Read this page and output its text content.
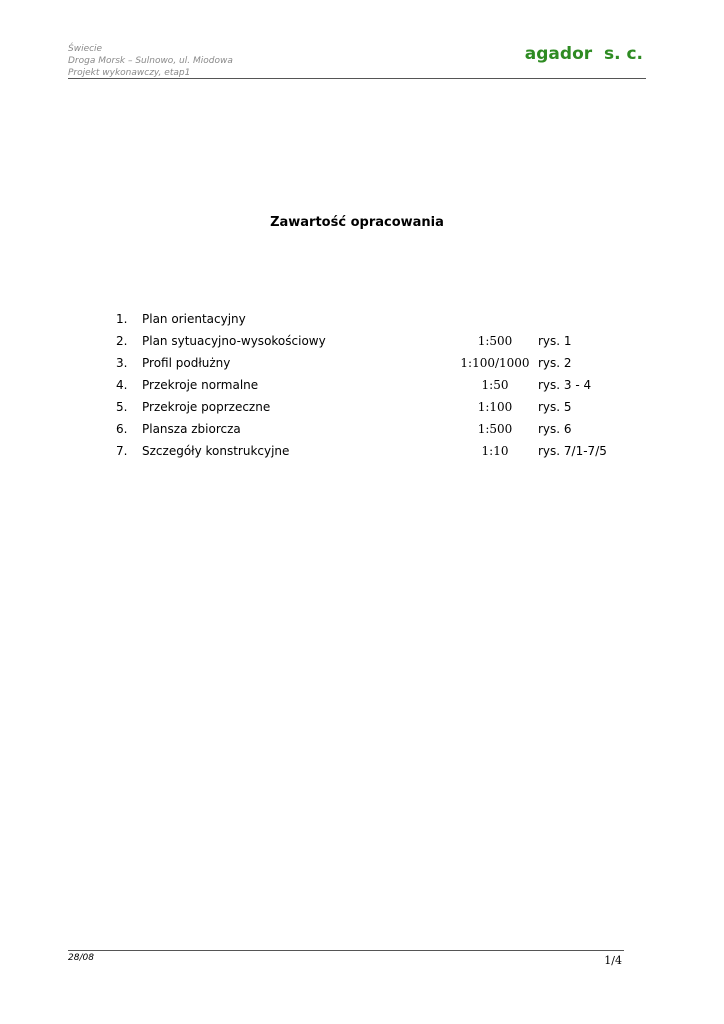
Świecie
Droga Morsk – Sulnowo, ul. Miodowa
Projekt wykonawczy, etap1
agador  s. c.
Zawartość opracowania
1. Plan orientacyjny
2. Plan sytuacyjno-wysokościowy	1:500	rys. 1
3. Profil podłużny	1:100/1000 rys. 2
4. Przekroje normalne	1:50	rys. 3 - 4
5. Przekroje poprzeczne	1:100	rys. 5
6. Plansza zbiorcza	1:500	rys. 6
7. Szczegóły konstrukcyjne	1:10	rys. 7/1-7/5
28/08	1/4
